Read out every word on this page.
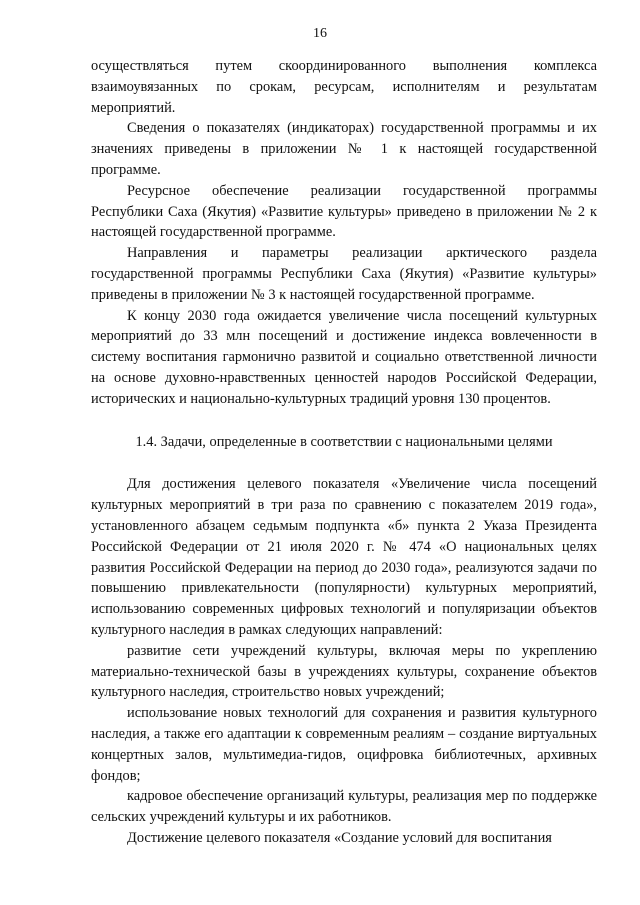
16

осуществляться путем скоординированного выполнения комплекса взаимоувязанных по срокам, ресурсам, исполнителям и результатам мероприятий.

Сведения о показателях (индикаторах) государственной программы и их значениях приведены в приложении № 1 к настоящей государственной программе.

Ресурсное обеспечение реализации государственной программы Республики Саха (Якутия) «Развитие культуры» приведено в приложении № 2 к настоящей государственной программе.

Направления и параметры реализации арктического раздела государственной программы Республики Саха (Якутия) «Развитие культуры» приведены в приложении № 3 к настоящей государственной программе.

К концу 2030 года ожидается увеличение числа посещений культурных мероприятий до 33 млн посещений и достижение индекса вовлеченности в систему воспитания гармонично развитой и социально ответственной личности на основе духовно-нравственных ценностей народов Российской Федерации, исторических и национально-культурных традиций уровня 130 процентов.

1.4. Задачи, определенные в соответствии с национальными целями

Для достижения целевого показателя «Увеличение числа посещений культурных мероприятий в три раза по сравнению с показателем 2019 года», установленного абзацем седьмым подпункта «б» пункта 2 Указа Президента Российской Федерации от 21 июля 2020 г. № 474 «О национальных целях развития Российской Федерации на период до 2030 года», реализуются задачи по повышению привлекательности (популярности) культурных мероприятий, использованию современных цифровых технологий и популяризации объектов культурного наследия в рамках следующих направлений:

развитие сети учреждений культуры, включая меры по укреплению материально-технической базы в учреждениях культуры, сохранение объектов культурного наследия, строительство новых учреждений;

использование новых технологий для сохранения и развития культурного наследия, а также его адаптации к современным реалиям – создание виртуальных концертных залов, мультимедиа-гидов, оцифровка библиотечных, архивных фондов;

кадровое обеспечение организаций культуры, реализация мер по поддержке сельских учреждений культуры и их работников.

Достижение целевого показателя «Создание условий для воспитания
